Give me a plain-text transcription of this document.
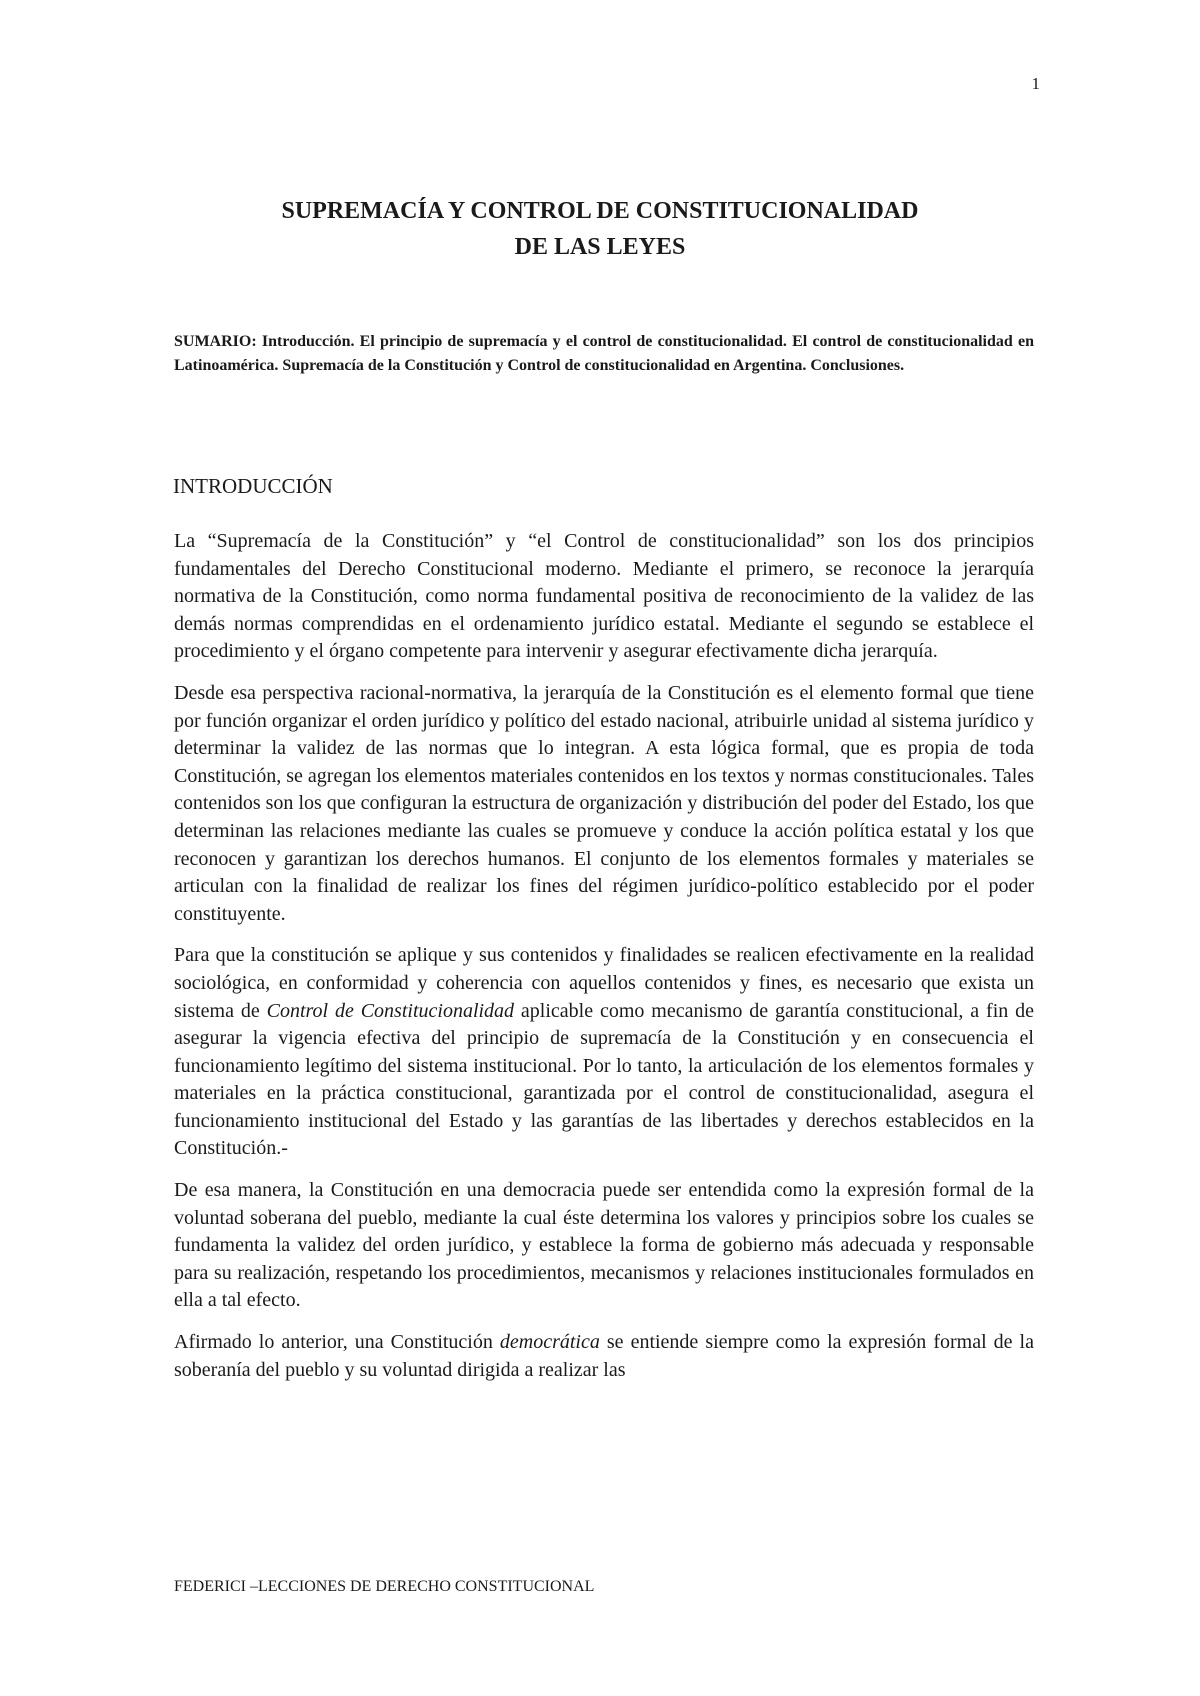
1
SUPREMACÍA Y CONTROL DE CONSTITUCIONALIDAD
DE LAS LEYES
SUMARIO: Introducción. El principio de supremacía y el control de constitucionalidad. El control de constitucionalidad en Latinoamérica. Supremacía de la Constitución y Control de constitucionalidad en Argentina. Conclusiones.
INTRODUCCIÓN

La “Supremacía de la Constitución” y “el Control de constitucionalidad” son los dos principios fundamentales del Derecho Constitucional moderno. Mediante el primero, se reconoce la jerarquía normativa de la Constitución, como norma fundamental positiva de reconocimiento de la validez de las demás normas comprendidas en el ordenamiento jurídico estatal. Mediante el segundo se establece el procedimiento y el órgano competente para intervenir y asegurar efectivamente dicha jerarquía.

Desde esa perspectiva racional-normativa, la jerarquía de la Constitución es el elemento formal que tiene por función organizar el orden jurídico y político del estado nacional, atribuirle unidad al sistema jurídico y determinar la validez de las normas que lo integran. A esta lógica formal, que es propia de toda Constitución, se agregan los elementos materiales contenidos en los textos y normas constitucionales. Tales contenidos son los que configuran la estructura de organización y distribución del poder del Estado, los que determinan las relaciones mediante las cuales se promueve y conduce la acción política estatal y los que reconocen y garantizan los derechos humanos. El conjunto de los elementos formales y materiales se articulan con la finalidad de realizar los fines del régimen jurídico-político establecido por el poder constituyente.

Para que la constitución se aplique y sus contenidos y finalidades se realicen efectivamente en la realidad sociológica, en conformidad y coherencia con aquellos contenidos y fines, es necesario que exista un sistema de Control de Constitucionalidad aplicable como mecanismo de garantía constitucional, a fin de asegurar la vigencia efectiva del principio de supremacía de la Constitución y en consecuencia el funcionamiento legítimo del sistema institucional. Por lo tanto, la articulación de los elementos formales y materiales en la práctica constitucional, garantizada por el control de constitucionalidad, asegura el funcionamiento institucional del Estado y las garantías de las libertades y derechos establecidos en la Constitución.-

De esa manera, la Constitución en una democracia puede ser entendida como la expresión formal de la voluntad soberana del pueblo, mediante la cual éste determina los valores y principios sobre los cuales se fundamenta la validez del orden jurídico, y establece la forma de gobierno más adecuada y responsable para su realización, respetando los procedimientos, mecanismos y relaciones institucionales formulados en ella a tal efecto.

Afirmado lo anterior, una Constitución democrática se entiende siempre como la expresión formal de la soberanía del pueblo y su voluntad dirigida a realizar las

FEDERICI –LECCIONES DE DERECHO CONSTITUCIONAL
